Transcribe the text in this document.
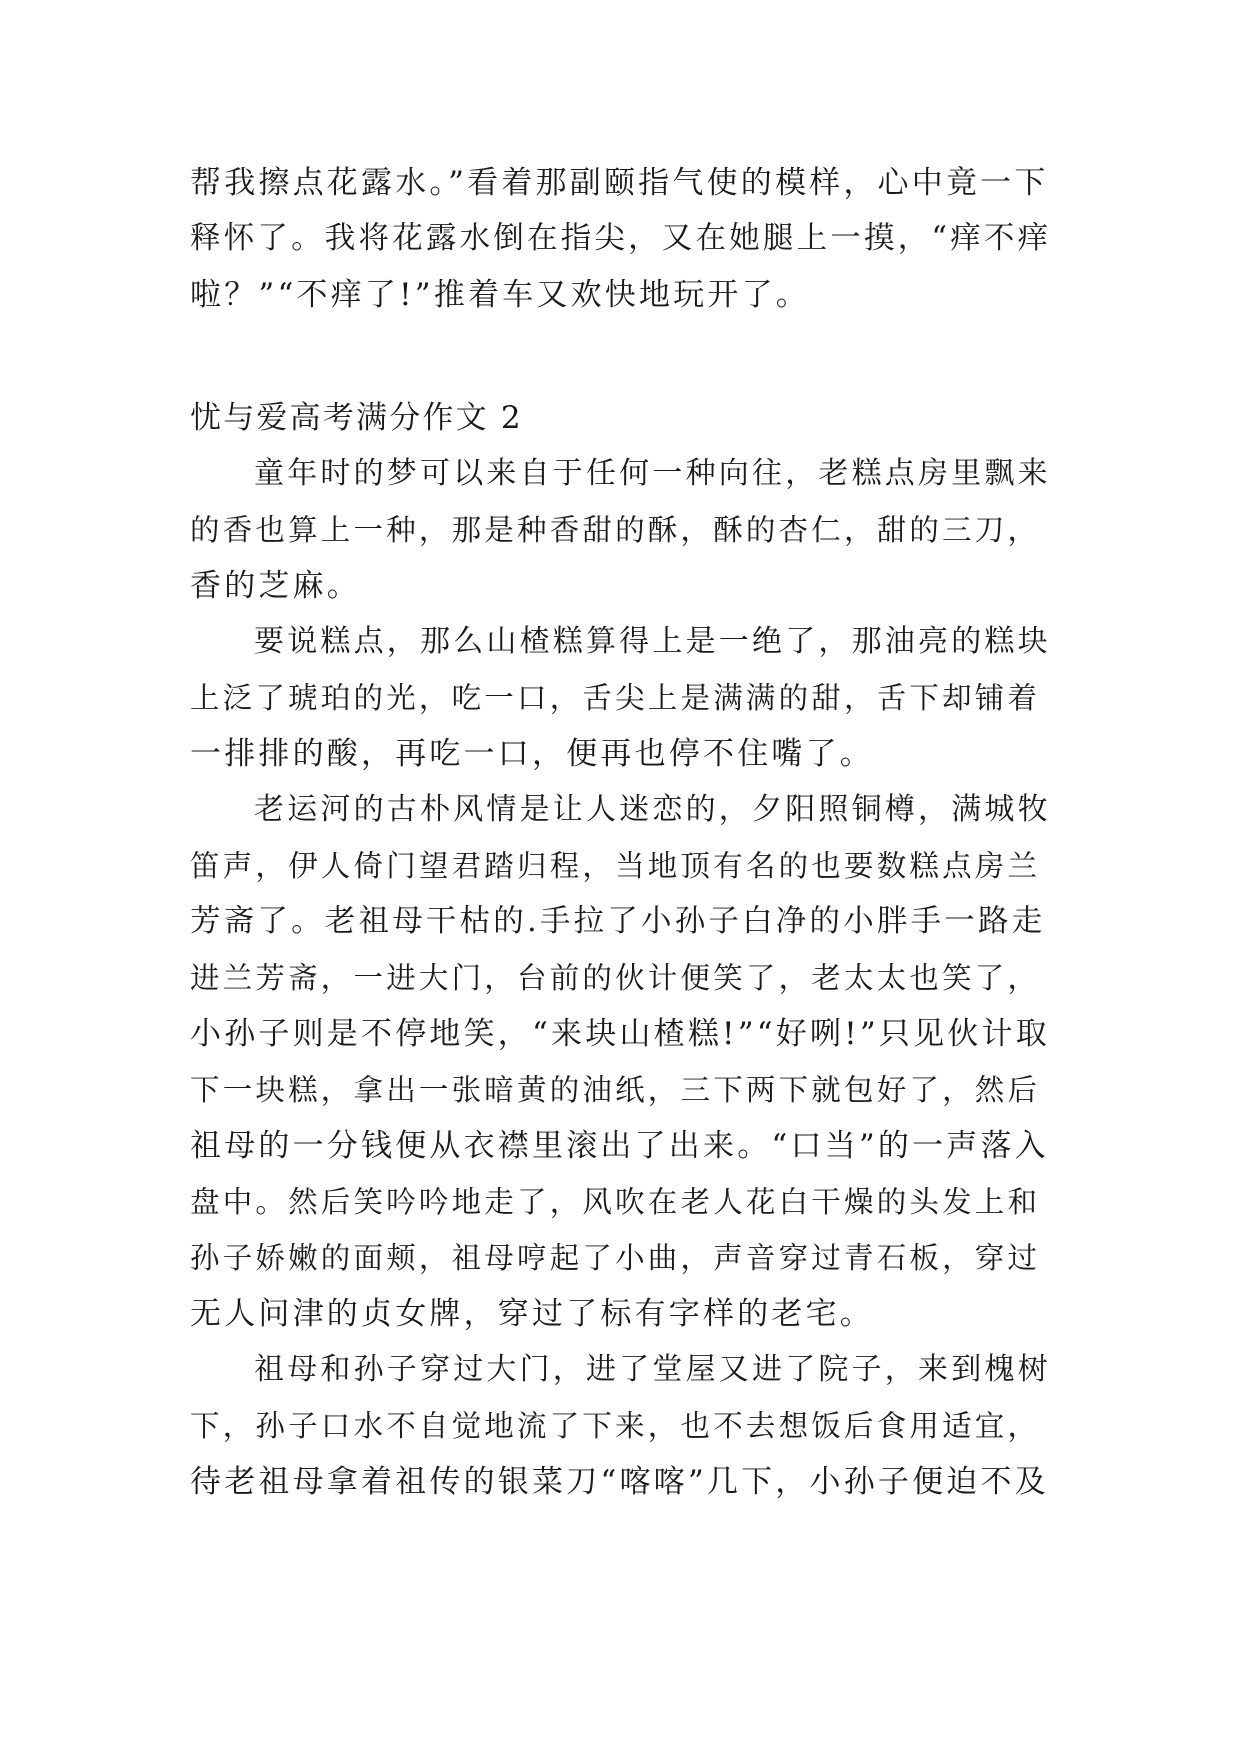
帮我擦点花露水。”看着那副颐指气使的模样，心中竟一下

释怀了。我将花露水倒在指尖，又在她腿上一摸，“痒不痒

啦？”“不痒了!”推着车又欢快地玩开了。

忧与爱高考满分作文 2

童年时的梦可以来自于任何一种向往，老糕点房里飘来

的香也算上一种，那是种香甜的酥，酥的杏仁，甜的三刀，

香的芝麻。

要说糕点，那么山楂糕算得上是一绝了，那油亮的糕块

上泛了琥珀的光，吃一口，舌尖上是满满的甜，舌下却铺着

一排排的酸，再吃一口，便再也停不住嘴了。

老运河的古朴风情是让人迷恋的，夕阳照铜樽，满城牧

笛声，伊人倚门望君踏归程，当地顶有名的也要数糕点房兰

芳斋了。老祖母干枯的.手拉了小孙子白净的小胖手一路走

进兰芳斋，一进大门，台前的伙计便笑了，老太太也笑了，

小孙子则是不停地笑，“来块山楂糕!”“好咧!”只见伙计取

下一块糕，拿出一张暗黄的油纸，三下两下就包好了，然后

祖母的一分钱便从衣襟里滚出了出来。“口当”的一声落入

盘中。然后笑吟吟地走了，风吹在老人花白干燥的头发上和

孙子娇嫩的面颊，祖母哼起了小曲，声音穿过青石板，穿过

无人问津的贞女牌，穿过了标有字样的老宅。

祖母和孙子穿过大门，进了堂屋又进了院子，来到槐树

下，孙子口水不自觉地流了下来，也不去想饭后食用适宜，

待老祖母拿着祖传的银菜刀“喀喀”几下，小孙子便迫不及
